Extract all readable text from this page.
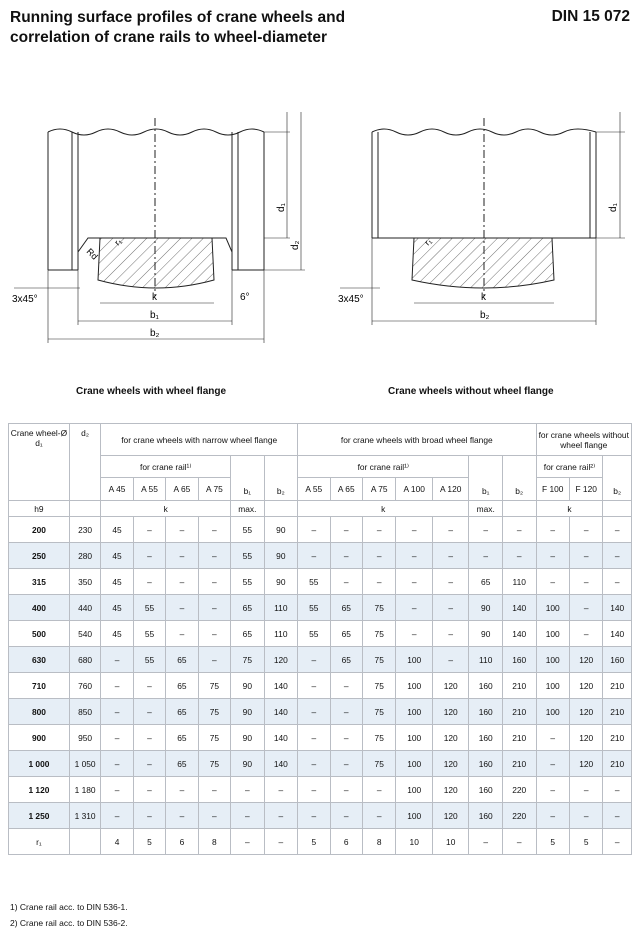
Running surface profiles of crane wheels and
correlation of crane rails to wheel-diameter
DIN 15 072
d₁
d₂
k
b₁
b₂
3x45°	6°
Rd
r₁
d₁
k
b₂
3x45°
r₁
Crane wheels with wheel flange	Crane wheels without wheel flange
Crane wheel-Ø
d₁	d₂	for crane wheels with narrow wheel flange						for crane wheels with broad wheel flange							for crane wheels without wheel flange		
		for crane rail¹⁾				b₁	b₂	for crane rail¹⁾					b₁	b₂	for crane rail²⁾		b₂
		A 45	A 55	A 65	A 75			A 55	A 65	A 75	A 100	A 120			F 100	F 120	
h9		k				max.		k					max.		k		
200	230	45	–	–	–	55	90	–	–	–	–	–	–	–	–	–	–
250	280	45	–	–	–	55	90	–	–	–	–	–	–	–	–	–	–
315	350	45	–	–	–	55	90	55	–	–	–	–	65	110	–	–	–
400	440	45	55	–	–	65	110	55	65	75	–	–	90	140	100	–	140
500	540	45	55	–	–	65	110	55	65	75	–	–	90	140	100	–	140
630	680	–	55	65	–	75	120	–	65	75	100	–	110	160	100	120	160
710	760	–	–	65	75	90	140	–	–	75	100	120	160	210	100	120	210
800	850	–	–	65	75	90	140	–	–	75	100	120	160	210	100	120	210
900	950	–	–	65	75	90	140	–	–	75	100	120	160	210	–	120	210
1 000	1 050	–	–	65	75	90	140	–	–	75	100	120	160	210	–	120	210
1 120	1 180	–	–	–	–	–	–	–	–	–	100	120	160	220	–	–	–
1 250	1 310	–	–	–	–	–	–	–	–	–	100	120	160	220	–	–	–
r₁		4	5	6	8	–	–	5	6	8	10	10	–	–	5	5	–
1) Crane rail acc. to DIN 536-1.
2) Crane rail acc. to DIN 536-2.
